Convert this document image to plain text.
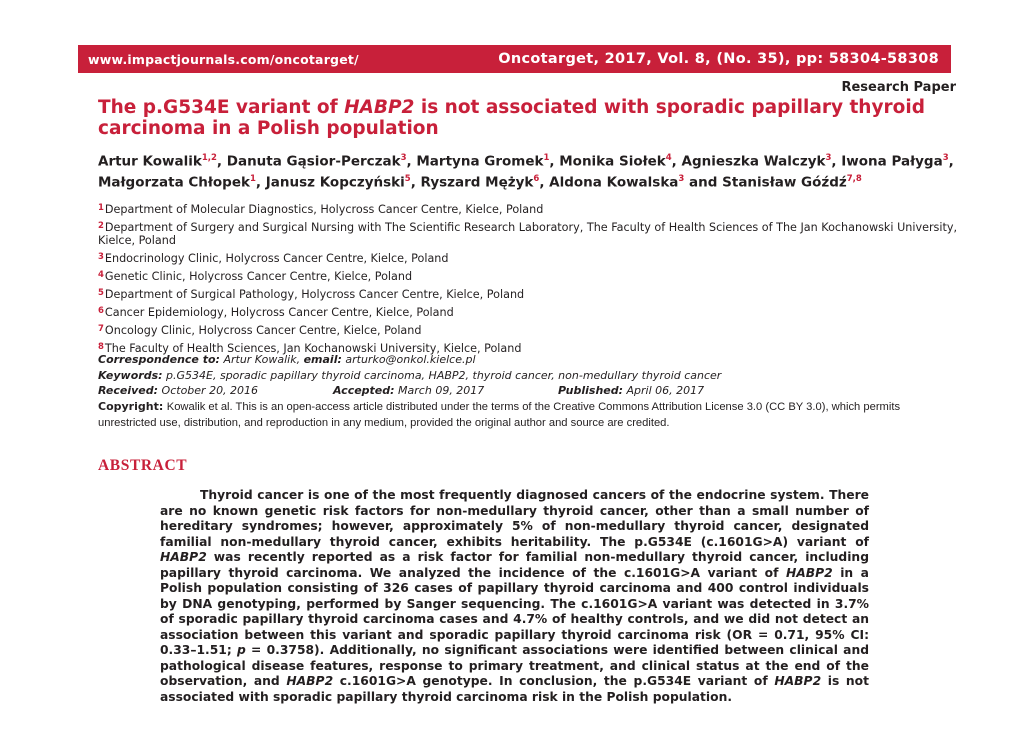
www.impactjournals.com/oncotarget/	Oncotarget, 2017, Vol. 8, (No. 35), pp: 58304-58308
Research Paper
The p.G534E variant of HABP2 is not associated with sporadic papillary thyroid carcinoma in a Polish population
Artur Kowalik$^{1,2}$, Danuta Gąsior-Perczak$^3$, Martyna Gromek$^1$, Monika Siołek$^4$, Agnieszka Walczyk$^3$, Iwona Pałyga$^3$, Małgorzata Chłopek$^1$, Janusz Kopczyński$^5$, Ryszard Mężyk$^6$, Aldona Kowalska$^3$ and Stanisław Góźdź$^{7,8}$
$^1$Department of Molecular Diagnostics, Holycross Cancer Centre, Kielce, Poland
$^2$Department of Surgery and Surgical Nursing with The Scientific Research Laboratory, The Faculty of Health Sciences of The Jan Kochanowski University, Kielce, Poland
$^3$Endocrinology Clinic, Holycross Cancer Centre, Kielce, Poland
$^4$Genetic Clinic, Holycross Cancer Centre, Kielce, Poland
$^5$Department of Surgical Pathology, Holycross Cancer Centre, Kielce, Poland
$^6$Cancer Epidemiology, Holycross Cancer Centre, Kielce, Poland
$^7$Oncology Clinic, Holycross Cancer Centre, Kielce, Poland
$^8$The Faculty of Health Sciences, Jan Kochanowski University, Kielce, Poland
Correspondence to: Artur Kowalik, email: arturko@onkol.kielce.pl
Keywords: p.G534E, sporadic papillary thyroid carcinoma, HABP2, thyroid cancer, non-medullary thyroid cancer
Received: October 20, 2016	Accepted: March 09, 2017	Published: April 06, 2017
Copyright: Kowalik et al. This is an open-access article distributed under the terms of the Creative Commons Attribution License 3.0 (CC BY 3.0), which permits unrestricted use, distribution, and reproduction in any medium, provided the original author and source are credited.
ABSTRACT

Thyroid cancer is one of the most frequently diagnosed cancers of the endocrine system. There are no known genetic risk factors for non-medullary thyroid cancer, other than a small number of hereditary syndromes; however, approximately 5% of non-medullary thyroid cancer, designated familial non-medullary thyroid cancer, exhibits heritability. The p.G534E (c.1601G>A) variant of HABP2 was recently reported as a risk factor for familial non-medullary thyroid cancer, including papillary thyroid carcinoma. We analyzed the incidence of the c.1601G>A variant of HABP2 in a Polish population consisting of 326 cases of papillary thyroid carcinoma and 400 control individuals by DNA genotyping, performed by Sanger sequencing. The c.1601G>A variant was detected in 3.7% of sporadic papillary thyroid carcinoma cases and 4.7% of healthy controls, and we did not detect an association between this variant and sporadic papillary thyroid carcinoma risk (OR = 0.71, 95% CI: 0.33–1.51; p = 0.3758). Additionally, no significant associations were identified between clinical and pathological disease features, response to primary treatment, and clinical status at the end of the observation, and HABP2 c.1601G>A genotype. In conclusion, the p.G534E variant of HABP2 is not associated with sporadic papillary thyroid carcinoma risk in the Polish population.
